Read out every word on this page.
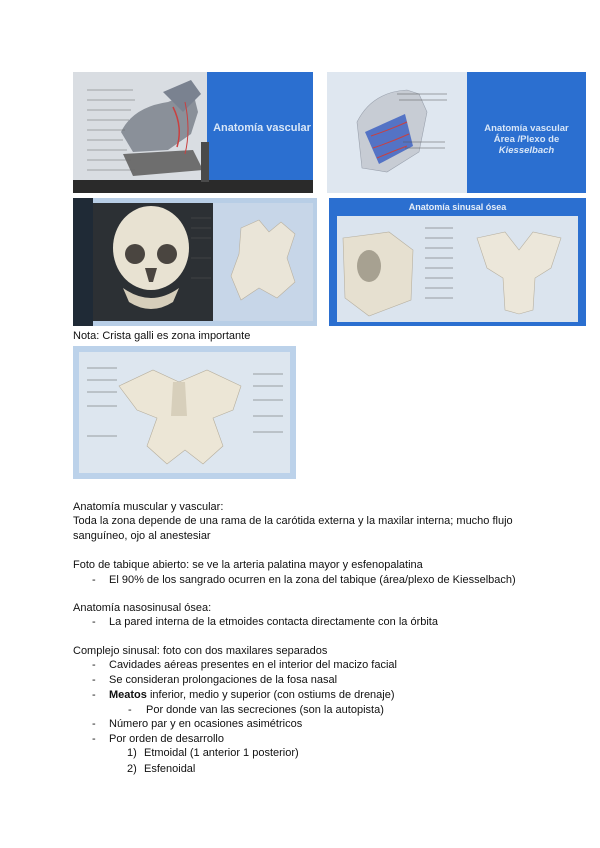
Anatomía vascular	Anatomía vascular
Área /Plexo de Kiesselbach
Anatomía sinusal ósea
Nota: Crista galli es zona importante
Anatomía muscular y vascular:
Toda la zona depende de una rama de la carótida externa y la maxilar interna; mucho flujo
sanguíneo, ojo al anestesiar
Foto de tabique abierto: se ve la arteria palatina mayor y esfenopalatina
- El 90% de los sangrado ocurren en la zona del tabique (área/plexo de Kiesselbach)
Anatomía nasosinusal ósea:
- La pared interna de la etmoides contacta directamente con la órbita
Complejo sinusal: foto con dos maxilares separados
- Cavidades aéreas presentes en el interior del macizo facial
- Se consideran prolongaciones de la fosa nasal
- Meatos inferior, medio y superior (con ostiums de drenaje)
- Por donde van las secreciones (son la autopista)
- Número par y en ocasiones asimétricos
- Por orden de desarrollo
1) Etmoidal (1 anterior 1 posterior)
2) Esfenoidal
